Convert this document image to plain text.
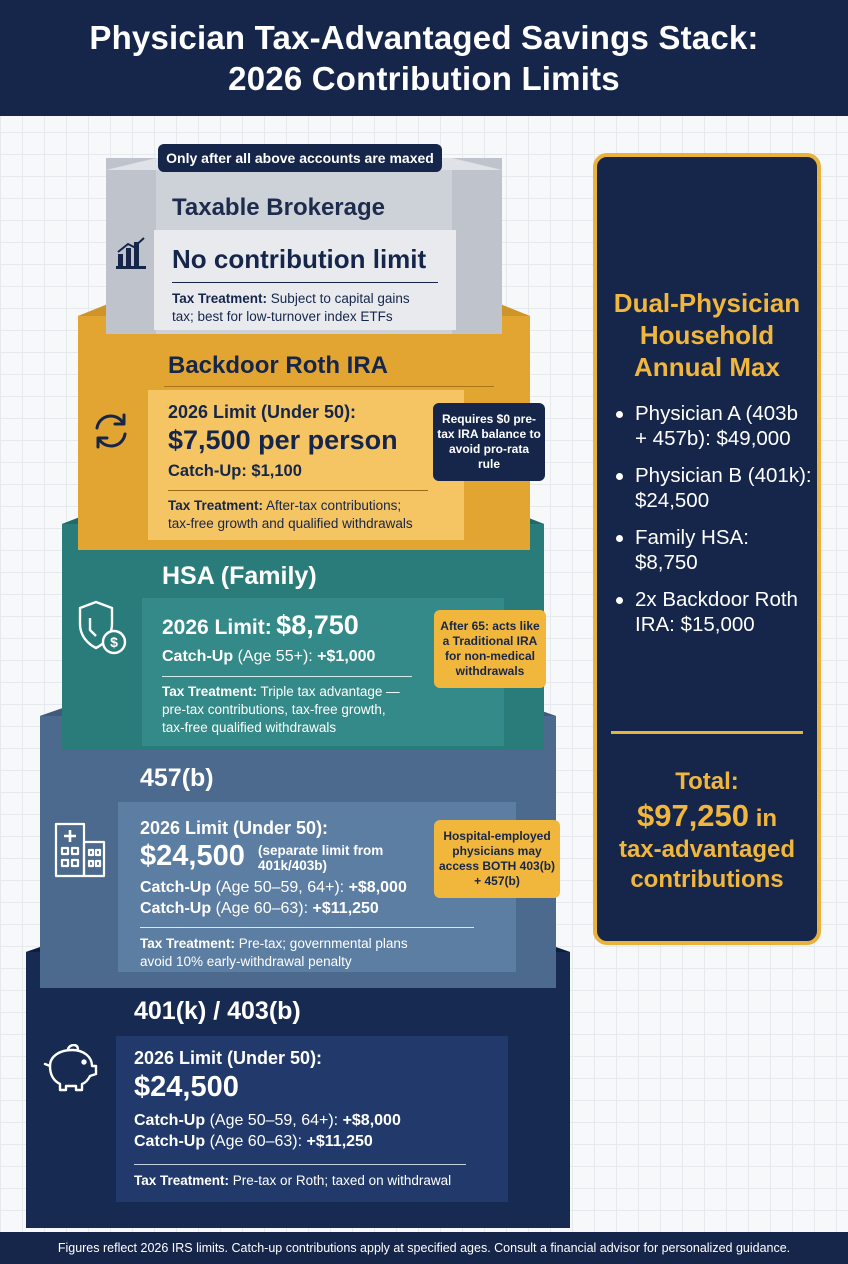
Physician Tax-Advantaged Savings Stack:
2026 Contribution Limits
401(k) / 403(b)
2026 Limit (Under 50):
$24,500
Catch-Up (Age 50–59, 64+): +$8,000
Catch-Up (Age 60–63): +$11,250
Tax Treatment: Pre-tax or Roth; taxed on withdrawal
457(b)
2026 Limit (Under 50):
$24,500 (separate limit from 401k/403b)
Catch-Up (Age 50–59, 64+): +$8,000
Catch-Up (Age 60–63): +$11,250
Tax Treatment: Pre-tax; governmental plans
avoid 10% early-withdrawal penalty
$
HSA (Family)
2026 Limit: $8,750
Catch-Up (Age 55+): +$1,000
Tax Treatment: Triple tax advantage —
pre-tax contributions, tax-free growth,
tax-free qualified withdrawals
Backdoor Roth IRA
2026 Limit (Under 50):
$7,500 per person
Catch-Up: $1,100
Tax Treatment: After-tax contributions;
tax-free growth and qualified withdrawals
Taxable Brokerage
No contribution limit
Tax Treatment: Subject to capital gains
tax; best for low-turnover index ETFs
Only after all above accounts are maxed
Requires $0 pre-tax IRA balance to avoid pro-rata rule
After 65: acts like a Traditional IRA for non-medical withdrawals
Hospital-employed physicians may access BOTH 403(b) + 457(b)
Dual-Physician Household Annual Max
Physician A (403b + 457b): $49,000
Physician B (401k): $24,500
Family HSA: $8,750
2x Backdoor Roth IRA: $15,000
Total:
$97,250 in
tax-advantaged contributions
Figures reflect 2026 IRS limits. Catch-up contributions apply at specified ages. Consult a financial advisor for personalized guidance.
